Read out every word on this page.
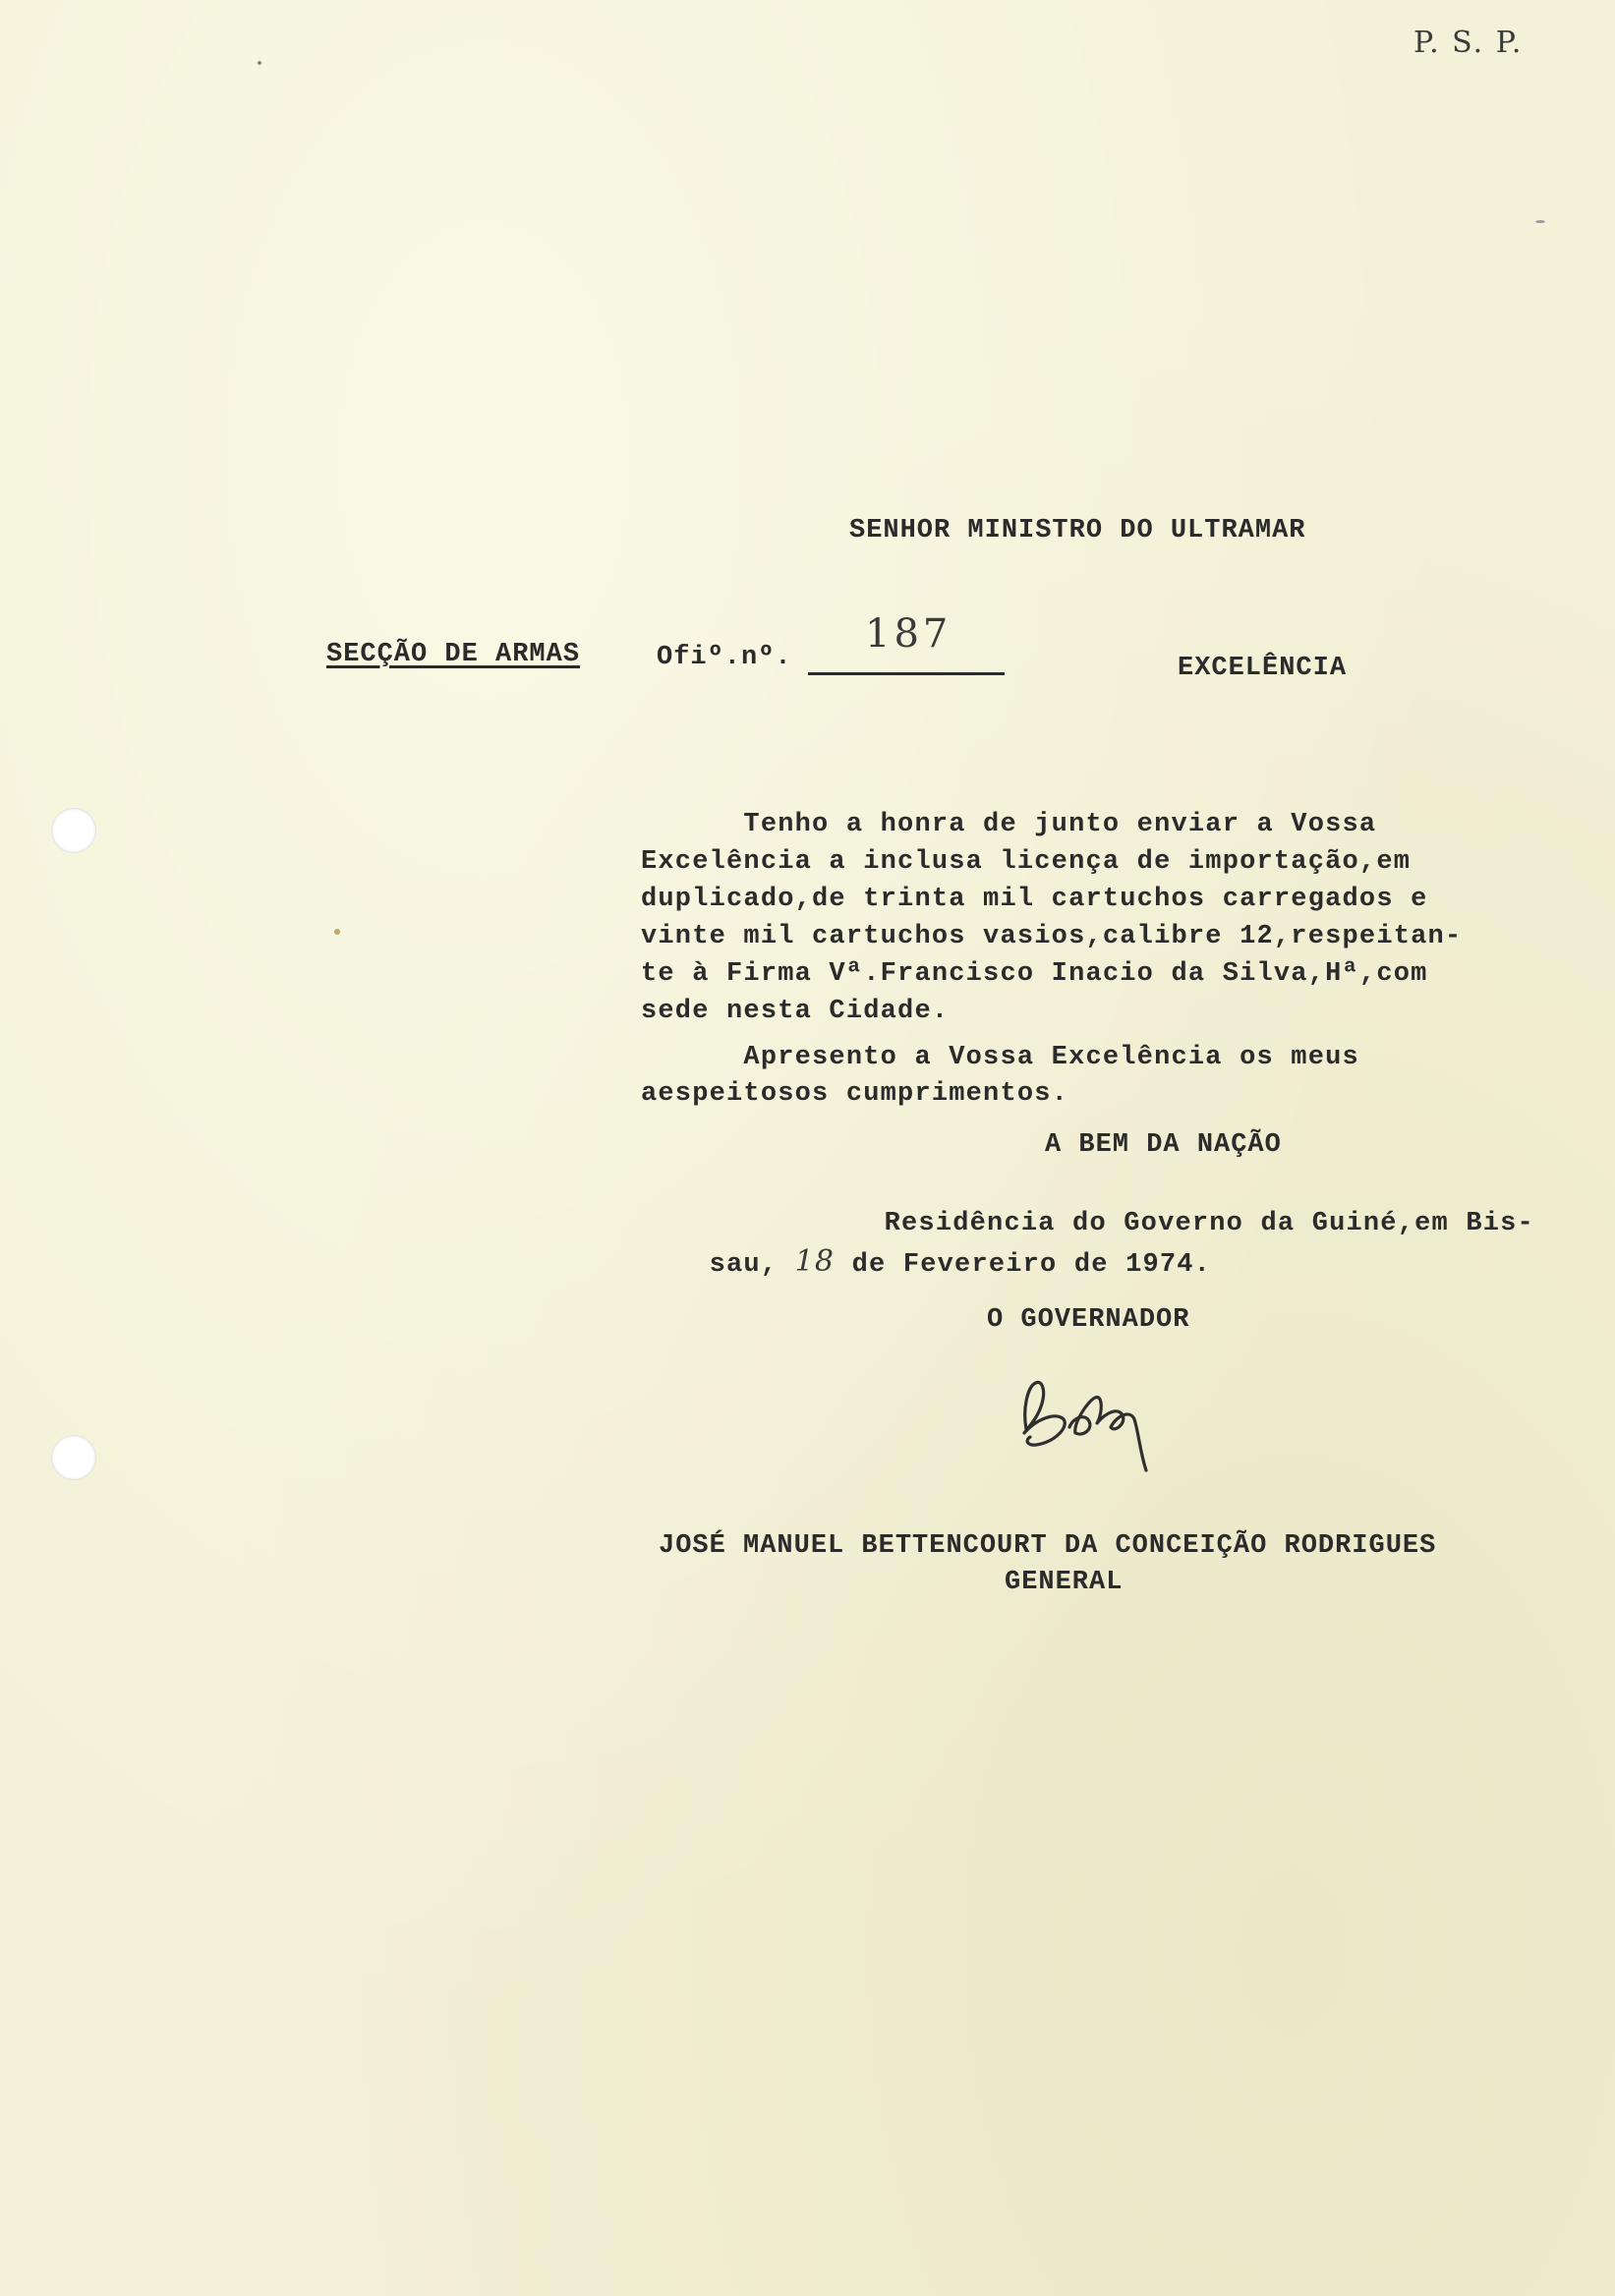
P. S. P.
SENHOR MINISTRO DO ULTRAMAR
SECÇÃO DE ARMAS	Ofiº.nº.
187
EXCELÊNCIA
Tenho a honra de junto enviar a Vossa
Excelência a inclusa licença de importação,em
duplicado,de trinta mil cartuchos carregados e
vinte mil cartuchos vasios,calibre 12,respeitan-
te à Firma Vª.Francisco Inacio da Silva,Hª,com
sede nesta Cidade.
Apresento a Vossa Excelência os meus
aespeitosos cumprimentos.
A BEM DA NAÇÃO

Residência do Governo da Guiné,em Bis-

sau, 18 de Fevereiro de 1974.

O GOVERNADOR
JOSÉ MANUEL BETTENCOURT DA CONCEIÇÃO RODRIGUES
GENERAL
